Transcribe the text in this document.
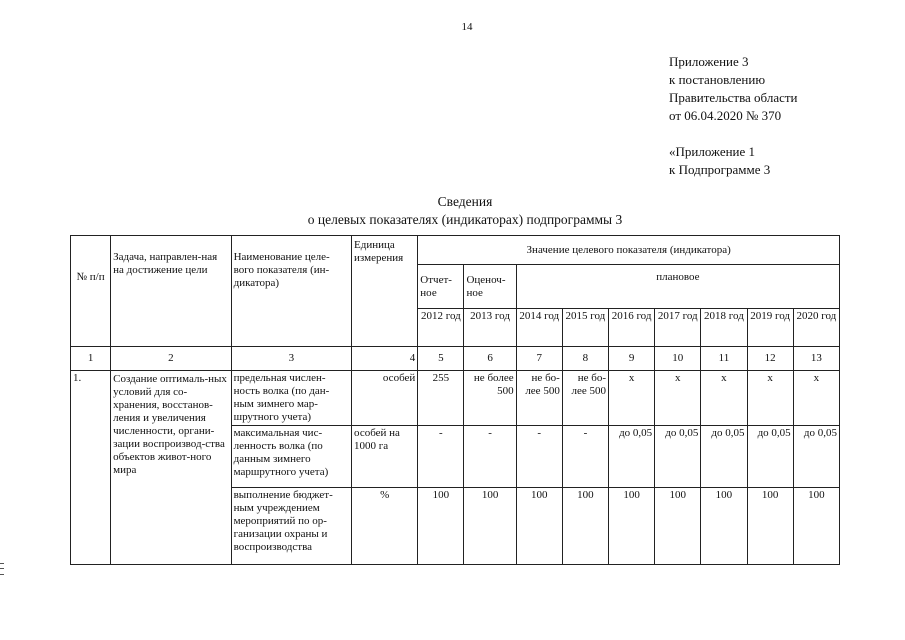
14
Приложение 3
к постановлению
Правительства области
от 06.04.2020 № 370
«Приложение 1
к Подпрограмме 3
Сведения
о целевых показателях (индикаторах) подпрограммы 3
№ п/п	Задача, направлен-ная на достижение цели	Наименование целе-вого показателя (ин-дикатора)	Единица измерения	Значение целевого показателя (индикатора)								

				Отчет-ное	Оценоч-ное	плановое						

				2012 год	2013 год	2014 год	2015 год	2016 год	2017 год	2018 год	2019 год	2020 год
1	2	3	4	5	6	7	8	9	10	11	12	13
1.	Создание оптималь-ных условий для со-хранения, восстанов-ления и увеличения численности, органи-зации воспроизвод-ства объектов живот-ного мира	предельная числен-ность волка (по дан-ным зимнего мар-шрутного учета)	особей	255	не более 500	не бо-лее 500	не бо-лее 500	х	х	х	х	х
		максимальная чис-ленность волка (по данным зимнего маршрутного учета)	особей на 1000 га	-	-	-	-	до 0,05	до 0,05	до 0,05	до 0,05	до 0,05
		выполнение бюджет-ным учреждением мероприятий по ор-ганизации охраны и воспроизводства	%	100	100	100	100	100	100	100	100	100
